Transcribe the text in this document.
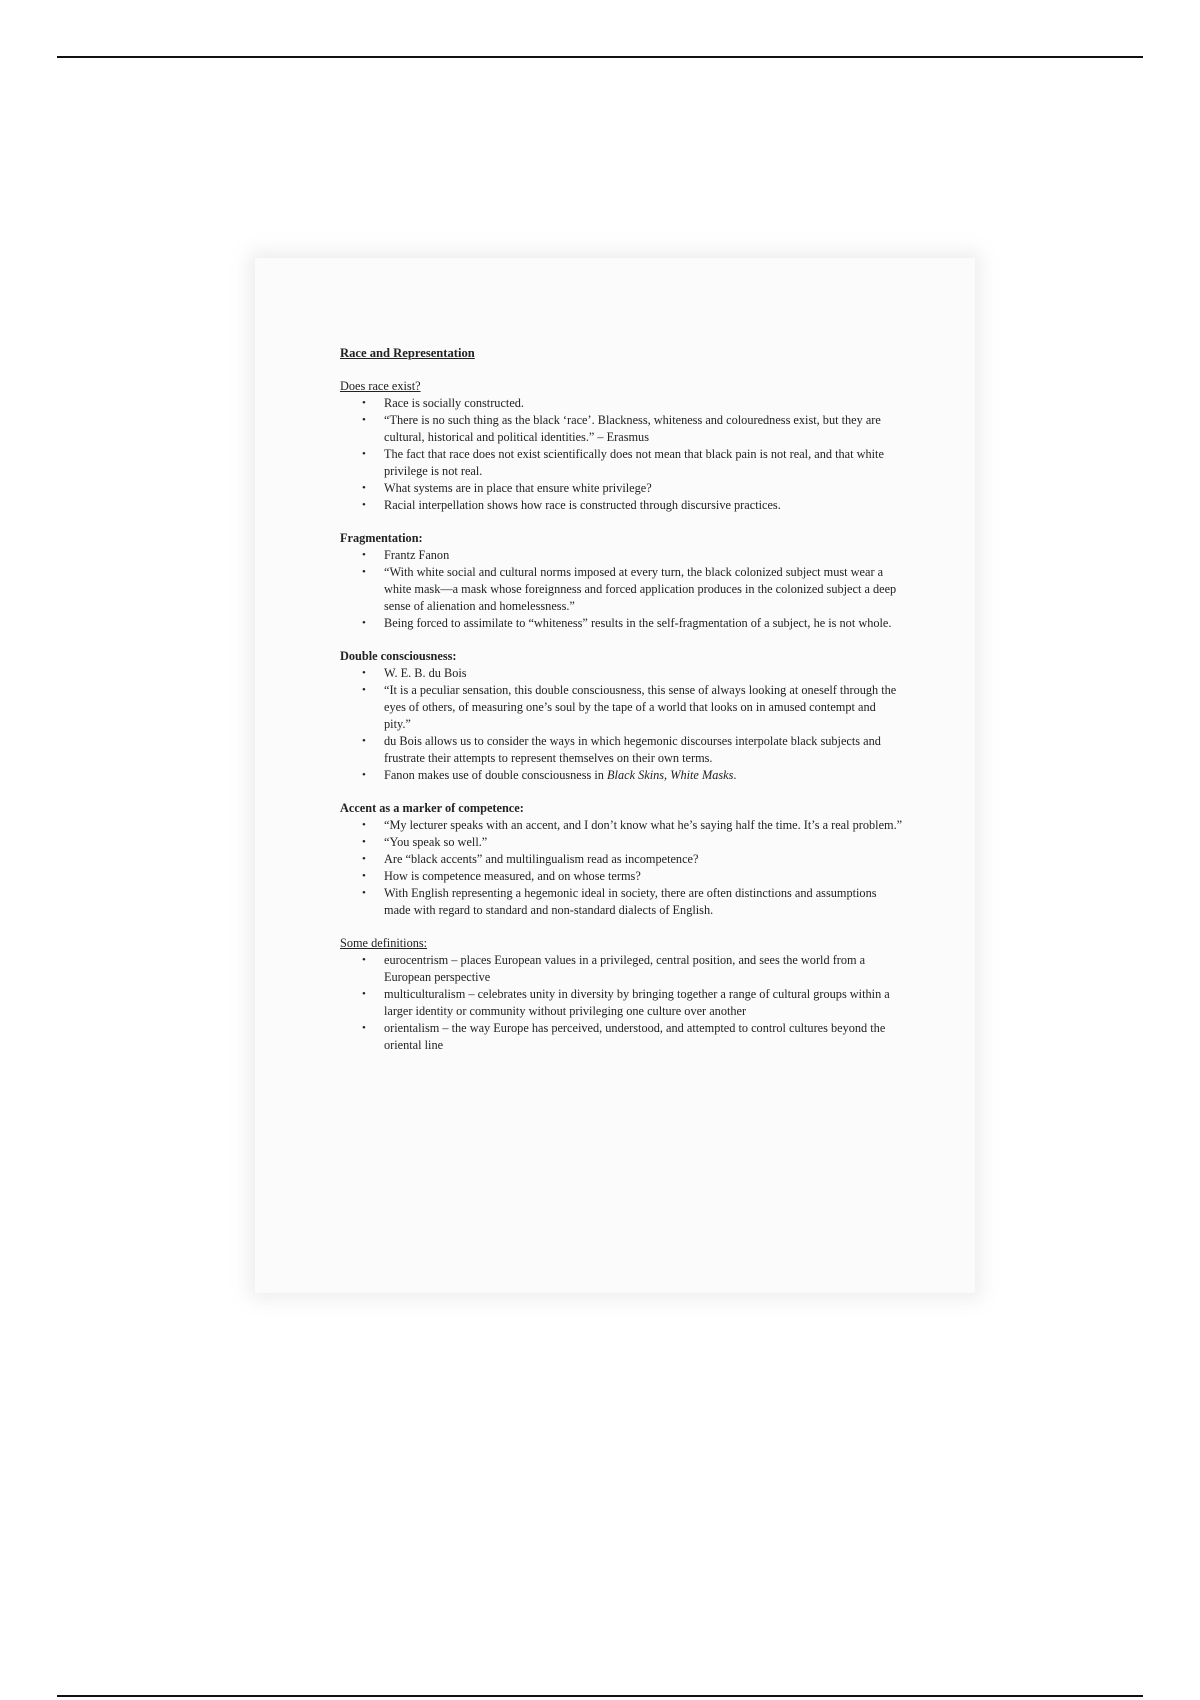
Race and Representation
Does race exist?
• Race is socially constructed.
• “There is no such thing as the black ‘race’. Blackness, whiteness and colouredness exist, but they are cultural, historical and political identities.” – Erasmus
• The fact that race does not exist scientifically does not mean that black pain is not real, and that white privilege is not real.
• What systems are in place that ensure white privilege?
• Racial interpellation shows how race is constructed through discursive practices.
Fragmentation:
• Frantz Fanon
• “With white social and cultural norms imposed at every turn, the black colonized subject must wear a white mask—a mask whose foreignness and forced application produces in the colonized subject a deep sense of alienation and homelessness.”
• Being forced to assimilate to “whiteness” results in the self-fragmentation of a subject, he is not whole.
Double consciousness:
• W. E. B. du Bois
• “It is a peculiar sensation, this double consciousness, this sense of always looking at oneself through the eyes of others, of measuring one’s soul by the tape of a world that looks on in amused contempt and pity.”
• du Bois allows us to consider the ways in which hegemonic discourses interpolate black subjects and frustrate their attempts to represent themselves on their own terms.
• Fanon makes use of double consciousness in Black Skins, White Masks.
Accent as a marker of competence:
• “My lecturer speaks with an accent, and I don’t know what he’s saying half the time. It’s a real problem.”
• “You speak so well.”
• Are “black accents” and multilingualism read as incompetence?
• How is competence measured, and on whose terms?
• With English representing a hegemonic ideal in society, there are often distinctions and assumptions made with regard to standard and non-standard dialects of English.
Some definitions:
• eurocentrism – places European values in a privileged, central position, and sees the world from a European perspective
• multiculturalism – celebrates unity in diversity by bringing together a range of cultural groups within a larger identity or community without privileging one culture over another
• orientalism – the way Europe has perceived, understood, and attempted to control cultures beyond the oriental line
